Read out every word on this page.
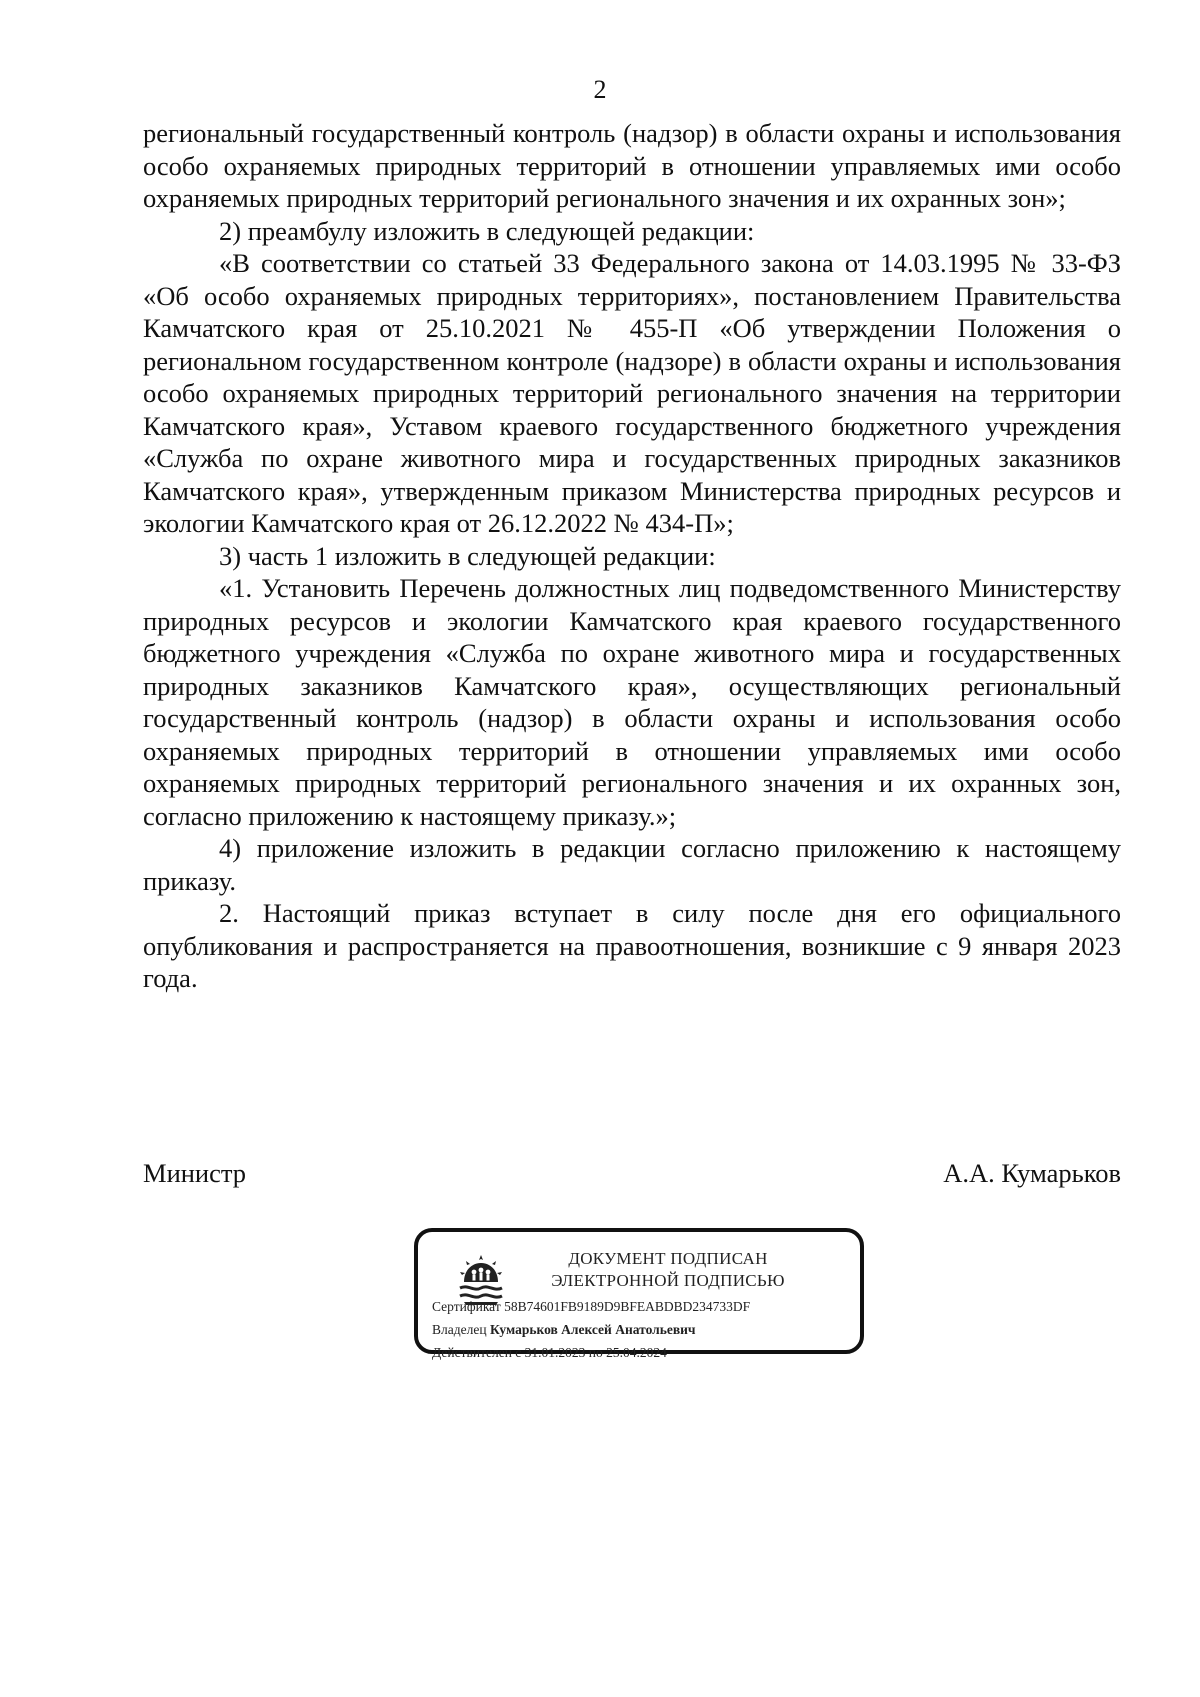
2

региональный государственный контроль (надзор) в области охраны и использования особо охраняемых природных территорий в отношении управляемых ими особо охраняемых природных территорий регионального значения и их охранных зон»;

2) преамбулу изложить в следующей редакции:

«В соответствии со статьей 33 Федерального закона от 14.03.1995 № 33-ФЗ «Об особо охраняемых природных территориях», постановлением Правительства Камчатского края от 25.10.2021 № 455-П «Об утверждении Положения о региональном государственном контроле (надзоре) в области охраны и использования особо охраняемых природных территорий регионального значения на территории Камчатского края», Уставом краевого государственного бюджетного учреждения «Служба по охране животного мира и государственных природных заказников Камчатского края», утвержденным приказом Министерства природных ресурсов и экологии Камчатского края от 26.12.2022 № 434-П»;

3) часть 1 изложить в следующей редакции:

«1. Установить Перечень должностных лиц подведомственного Министерству природных ресурсов и экологии Камчатского края краевого государственного бюджетного учреждения «Служба по охране животного мира и государственных природных заказников Камчатского края», осуществляющих региональный государственный контроль (надзор) в области охраны и использования особо охраняемых природных территорий в отношении управляемых ими особо охраняемых природных территорий регионального значения и их охранных зон, согласно приложению к настоящему приказу.»;

4) приложение изложить в редакции согласно приложению к настоящему приказу.

2. Настоящий приказ вступает в силу после дня его официального опубликования и распространяется на правоотношения, возникшие с 9 января 2023 года.

Министр	А.А. Кумарьков
ДОКУМЕНТ ПОДПИСАН
ЭЛЕКТРОННОЙ ПОДПИСЬЮ
Сертификат 58B74601FB9189D9BFEABDBD234733DF
Владелец Кумарьков Алексей Анатольевич
Действителен с 31.01.2023 по 25.04.2024
